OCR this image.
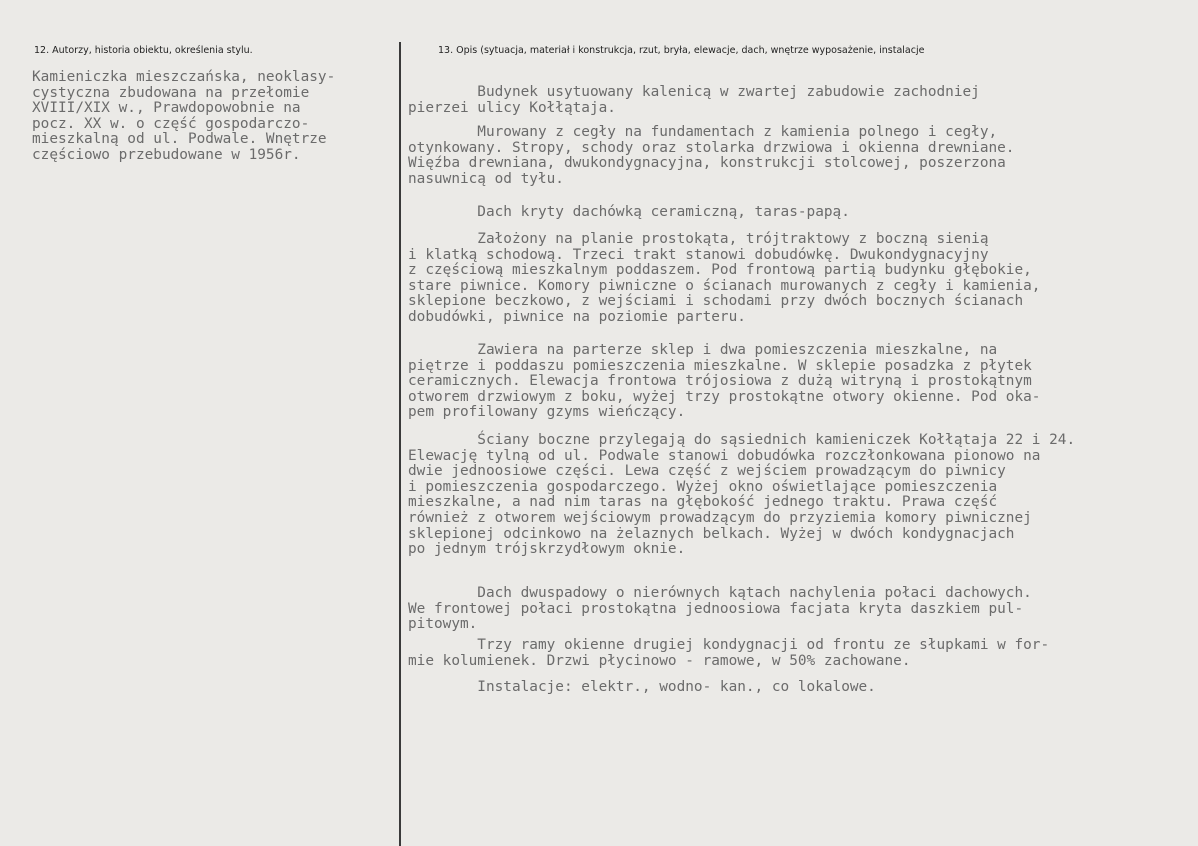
12. Autorzy, historia obiektu, określenia stylu.
Kamieniczka mieszczańska, neoklasy-
cystyczna zbudowana na przełomie
XVIII/XIX w., Prawdopowobnie na
pocz. XX w. o część gospodarczo-
mieszkalną od ul. Podwale. Wnętrze
częściowo przebudowane w 1956r.
13. Opis (sytuacja, materiał i konstrukcja, rzut, bryła, elewacje, dach, wnętrze wyposażenie, instalacje
Budynek usytuowany kalenicą w zwartej zabudowie zachodniej
pierzei ulicy Kołłątaja.
Murowany z cegły na fundamentach z kamienia polnego i cegły,
otynkowany. Stropy, schody oraz stolarka drzwiowa i okienna drewniane.
Więźba drewniana, dwukondygnacyjna, konstrukcji stolcowej, poszerzona
nasuwnicą od tyłu.
Dach kryty dachówką ceramiczną, taras-papą.
Założony na planie prostokąta, trójtraktowy z boczną sienią
i klatką schodową. Trzeci trakt stanowi dobudówkę. Dwukondygnacyjny
z częściową mieszkalnym poddaszem. Pod frontową partią budynku głębokie,
stare piwnice. Komory piwniczne o ścianach murowanych z cegły i kamienia,
sklepione beczkowo, z wejściami i schodami przy dwóch bocznych ścianach
dobudówki, piwnice na poziomie parteru.
Zawiera na parterze sklep i dwa pomieszczenia mieszkalne, na
piętrze i poddaszu pomieszczenia mieszkalne. W sklepie posadzka z płytek
ceramicznych. Elewacja frontowa trójosiowa z dużą witryną i prostokątnym
otworem drzwiowym z boku, wyżej trzy prostokątne otwory okienne. Pod oka-
pem profilowany gzyms wieńczący.
Ściany boczne przylegają do sąsiednich kamieniczek Kołłątaja 22 i 24.
Elewację tylną od ul. Podwale stanowi dobudówka rozczłonkowana pionowo na
dwie jednoosiowe części. Lewa część z wejściem prowadzącym do piwnicy
i pomieszczenia gospodarczego. Wyżej okno oświetlające pomieszczenia
mieszkalne, a nad nim taras na głębokość jednego traktu. Prawa część
również z otworem wejściowym prowadzącym do przyziemia komory piwnicznej
sklepionej odcinkowo na żelaznych belkach. Wyżej w dwóch kondygnacjach
po jednym trójskrzydłowym oknie.
Dach dwuspadowy o nierównych kątach nachylenia połaci dachowych.
We frontowej połaci prostokątna jednoosiowa facjata kryta daszkiem pul-
pitowym.
Trzy ramy okienne drugiej kondygnacji od frontu ze słupkami w for-
mie kolumienek. Drzwi płycinowo - ramowe, w 50% zachowane.
Instalacje: elektr., wodno- kan., co lokalowe.
